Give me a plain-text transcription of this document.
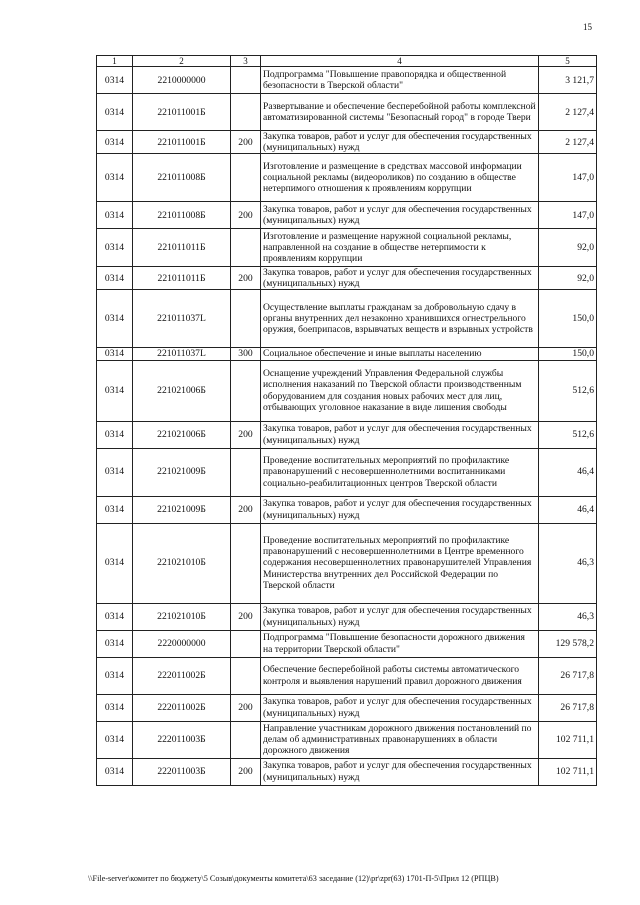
15
1	2	3	4	5
0314	2210000000		Подпрограмма "Повышение правопорядка и общественной безопасности в Тверской области"	3 121,7
0314	221011001Б		Развертывание и обеспечение бесперебойной работы комплексной автоматизированной системы "Безопасный город" в городе Твери	2 127,4
0314	221011001Б	200	Закупка товаров, работ и услуг для обеспечения государственных (муниципальных) нужд	2 127,4
0314	221011008Б		Изготовление и размещение в средствах массовой информации социальной рекламы (видеороликов) по созданию в обществе нетерпимого отношения к проявлениям коррупции	147,0
0314	221011008Б	200	Закупка товаров, работ и услуг для обеспечения государственных (муниципальных) нужд	147,0
0314	221011011Б		Изготовление и размещение наружной социальной рекламы, направленной на создание в обществе нетерпимости к проявлениям коррупции	92,0
0314	221011011Б	200	Закупка товаров, работ и услуг для обеспечения государственных (муниципальных) нужд	92,0
0314	221011037L		Осуществление выплаты гражданам за добровольную сдачу в органы внутренних дел незаконно хранившихся огнестрельного оружия, боеприпасов, взрывчатых веществ и взрывных устройств	150,0
0314	221011037L	300	Социальное обеспечение и иные выплаты населению	150,0
0314	221021006Б		Оснащение учреждений Управления Федеральной службы исполнения наказаний по Тверской области производственным оборудованием для создания новых рабочих мест для лиц, отбывающих уголовное наказание в виде лишения свободы	512,6
0314	221021006Б	200	Закупка товаров, работ и услуг для обеспечения государственных (муниципальных) нужд	512,6
0314	221021009Б		Проведение воспитательных мероприятий по профилактике правонарушений с несовершеннолетними воспитанниками социально-реабилитационных центров Тверской области	46,4
0314	221021009Б	200	Закупка товаров, работ и услуг для обеспечения государственных (муниципальных) нужд	46,4
0314	221021010Б		Проведение воспитательных мероприятий по профилактике правонарушений с несовершеннолетними в Центре временного содержания несовершеннолетних правонарушителей Управления Министерства внутренних дел Российской Федерации по Тверской области	46,3
0314	221021010Б	200	Закупка товаров, работ и услуг для обеспечения государственных (муниципальных) нужд	46,3
0314	2220000000		Подпрограмма "Повышение безопасности дорожного движения на территории Тверской области"	129 578,2
0314	222011002Б		Обеспечение бесперебойной работы системы автоматического контроля и выявления нарушений правил дорожного движения	26 717,8
0314	222011002Б	200	Закупка товаров, работ и услуг для обеспечения государственных (муниципальных) нужд	26 717,8
0314	222011003Б		Направление участникам дорожного движения постановлений по делам об административных правонарушениях в области дорожного движения	102 711,1
0314	222011003Б	200	Закупка товаров, работ и услуг для обеспечения государственных (муниципальных) нужд	102 711,1
\\File-server\комитет по бюджету\5 Созыв\документы комитета\63 заседание (12)\pr\zpr(63) 1701-П-5\Прил 12 (РПЦВ)
